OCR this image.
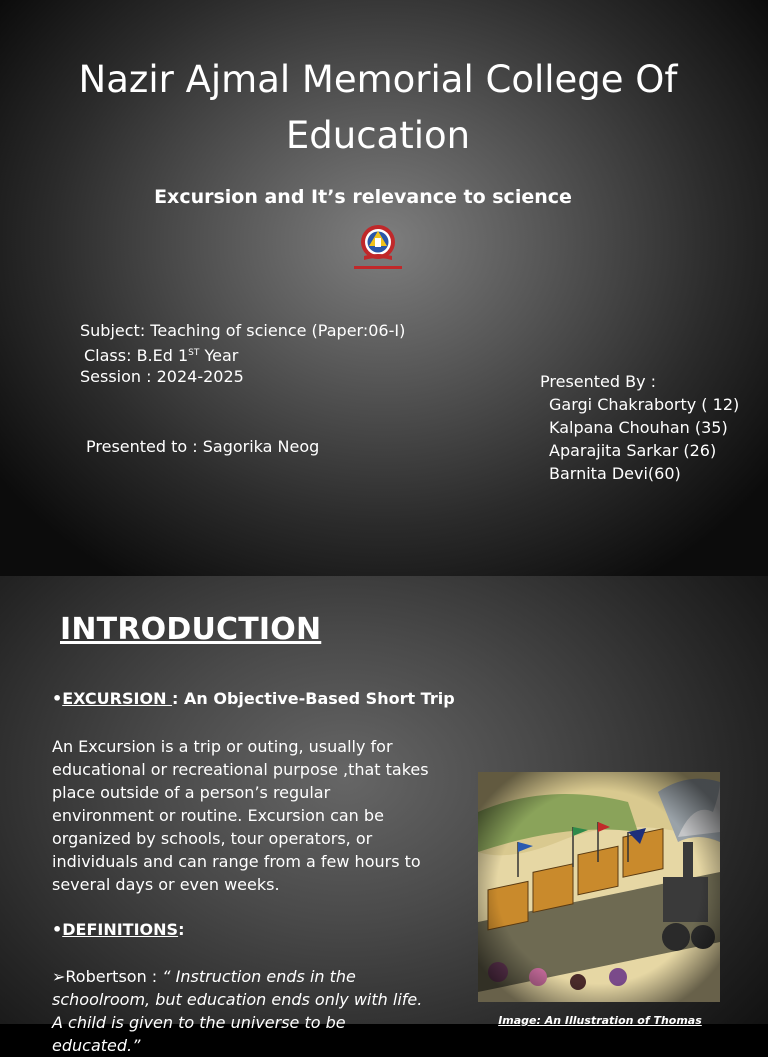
Nazir Ajmal Memorial College Of Education
Excursion and It’s relevance to science
Subject: Teaching of science (Paper:06-I)
Class: B.Ed 1ST Year
Session : 2024-2025
Presented to : Sagorika Neog
Presented By :
Gargi Chakraborty ( 12)
Kalpana Chouhan (35)
Aparajita Sarkar (26)
Barnita Devi(60)
INTRODUCTION
•EXCURSION : An Objective-Based Short Trip
An Excursion is a trip or outing, usually for educational or recreational purpose ,that takes place outside of a person’s regular environment or routine. Excursion can be organized by schools, tour operators, or individuals and can range from a few hours to several days or even weeks.
•DEFINITIONS:
➢Robertson : “ Instruction ends in the schoolroom, but education ends only with life. A child is given to the universe to be educated.”
Image: An Illustration of Thomas
